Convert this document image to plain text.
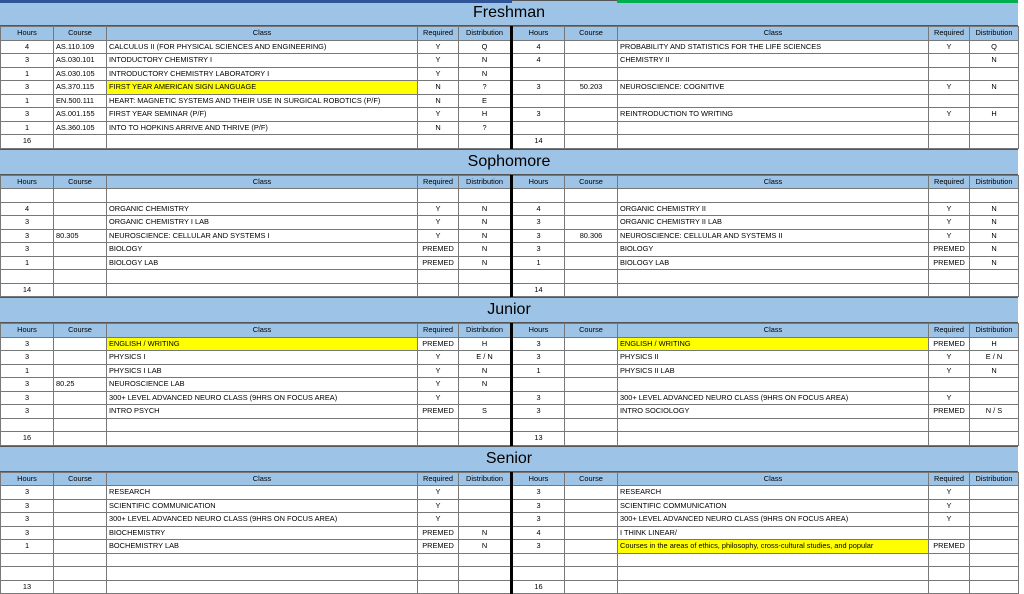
Freshman
Hours	Course	Class	Required	Distribution	Hours	Course	Class	Required	Distribution
4	AS.110.109	CALCULUS II (FOR PHYSICAL SCIENCES AND ENGINEERING)	Y	Q	4		PROBABILITY AND STATISTICS FOR THE LIFE SCIENCES	Y	Q
3	AS.030.101	INTODUCTORY CHEMISTRY I	Y	N	4		CHEMISTRY II		N
1	AS.030.105	INTRODUCTORY CHEMISTRY LABORATORY I	Y	N					
3	AS.370.115	FIRST YEAR AMERICAN SIGN LANGUAGE	N	?	3	50.203	NEUROSCIENCE: COGNITIVE	Y	N
1	EN.500.111	HEART: MAGNETIC SYSTEMS AND THEIR USE IN SURGICAL ROBOTICS (P/F)	N	E					
3	AS.001.155	FIRST YEAR SEMINAR (P/F)	Y	H	3		REINTRODUCTION TO WRITING	Y	H
1	AS.360.105	INTO TO HOPKINS ARRIVE AND THRIVE (P/F)	N	?					
16					14				
Sophomore
Hours	Course	Class	Required	Distribution	Hours	Course	Class	Required	Distribution

4		ORGANIC CHEMISTRY	Y	N	4		ORGANIC CHEMISTRY II	Y	N
3		ORGANIC CHEMISTRY I LAB	Y	N	3		ORGANIC CHEMISTRY II LAB	Y	N
3	80.305	NEUROSCIENCE: CELLULAR AND SYSTEMS I	Y	N	3	80.306	NEUROSCIENCE: CELLULAR AND SYSTEMS II	Y	N
3		BIOLOGY	PREMED	N	3		BIOLOGY	PREMED	N
1		BIOLOGY LAB	PREMED	N	1		BIOLOGY LAB	PREMED	N

14					14				
Junior
Hours	Course	Class	Required	Distribution	Hours	Course	Class	Required	Distribution
3		ENGLISH / WRITING	PREMED	H	3		ENGLISH / WRITING	PREMED	H
3		PHYSICS I	Y	E / N	3		PHYSICS II	Y	E / N
1		PHYSICS I LAB	Y	N	1		PHYSICS II LAB	Y	N
3	80.25	NEUROSCIENCE LAB	Y	N					
3		300+ LEVEL ADVANCED NEURO CLASS (9HRS ON FOCUS AREA)	Y		3		300+ LEVEL ADVANCED NEURO CLASS (9HRS ON FOCUS AREA)	Y	
3		INTRO PSYCH	PREMED	S	3		INTRO SOCIOLOGY	PREMED	N / S

16					13				
Senior
Hours	Course	Class	Required	Distribution	Hours	Course	Class	Required	Distribution
3		RESEARCH	Y		3		RESEARCH	Y	
3		SCIENTIFIC COMMUNICATION	Y		3		SCIENTIFIC COMMUNICATION	Y	
3		300+ LEVEL ADVANCED NEURO CLASS (9HRS ON FOCUS AREA)	Y		3		300+ LEVEL ADVANCED NEURO CLASS (9HRS ON FOCUS AREA)	Y	
3		BIOCHEMISTRY	PREMED	N	4		I THINK LINEAR/		
1		BOCHEMISTRY LAB	PREMED	N	3		Courses in the areas of ethics, philosophy, cross-cultural studies, and popular	PREMED	

13					16				
